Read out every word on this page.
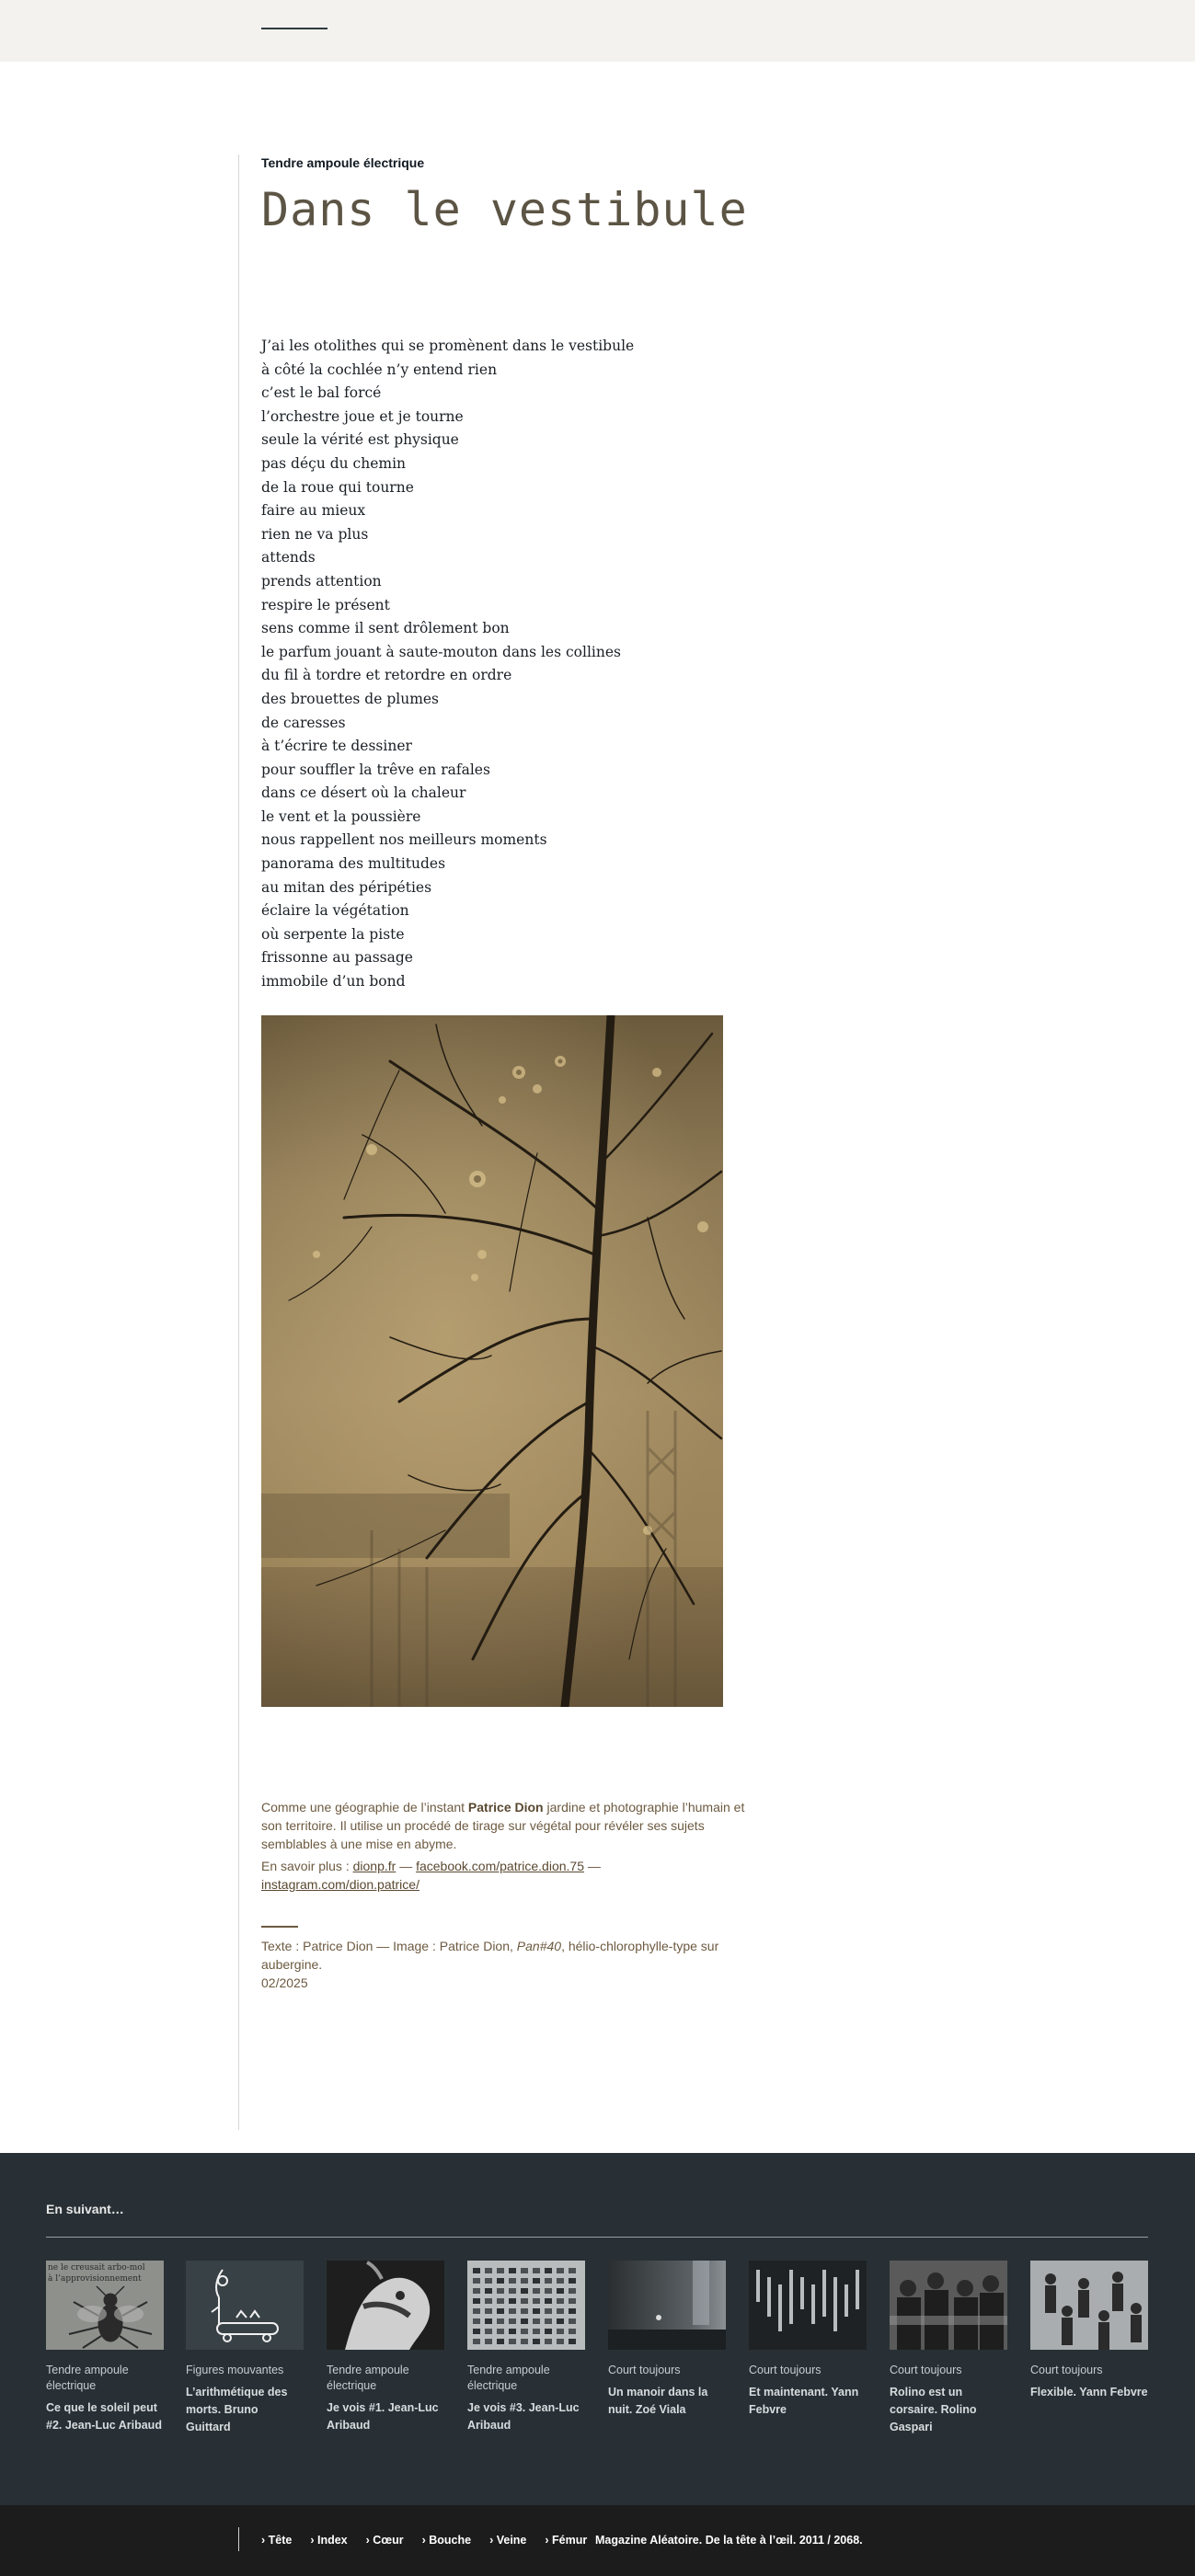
Tendre ampoule électrique
Dans le vestibule
J’ai les otolithes qui se promènent dans le vestibule
à côté la cochlée n’y entend rien
c’est le bal forcé
l’orchestre joue et je tourne
seule la vérité est physique
pas déçu du chemin
de la roue qui tourne
faire au mieux
rien ne va plus
attends
prends attention
respire le présent
sens comme il sent drôlement bon
le parfum jouant à saute-mouton dans les collines
du fil à tordre et retordre en ordre
des brouettes de plumes
de caresses
à t’écrire te dessiner
pour souffler la trêve en rafales
dans ce désert où la chaleur
le vent et la poussière
nous rappellent nos meilleurs moments
panorama des multitudes
au mitan des péripéties
éclaire la végétation
où serpente la piste
frissonne au passage
immobile d’un bond

Comme une géographie de l’instant Patrice Dion jardine et photographie l’humain et son territoire. Il utilise un procédé de tirage sur végétal pour révéler ses sujets semblables à une mise en abyme.

En savoir plus : dionp.fr — facebook.com/patrice.dion.75 — instagram.com/dion.patrice/

Texte : Patrice Dion — Image : Patrice Dion, Pan#40, hélio-chlorophylle-type sur aubergine.

02/2025

En suivant…
ne le creusait arbo-mol
à l’approvisionnement
Tendre ampoule électrique
Ce que le soleil peut #2. Jean-Luc Aribaud
Figures mouvantes
L’arithmétique des morts. Bruno Guittard
Tendre ampoule électrique
Je vois #1. Jean-Luc Aribaud
Tendre ampoule électrique
Je vois #3. Jean-Luc Aribaud
Court toujours
Un manoir dans la nuit. Zoé Viala
Court toujours
Et maintenant. Yann Febvre
Court toujours
Rolino est un corsaire. Rolino Gaspari
Court toujours
Flexible. Yann Febvre
› Tête › Index › Cœur › Bouche › Veine › Fémur Magazine Aléatoire. De la tête à l’œil. 2011 / 2068.
